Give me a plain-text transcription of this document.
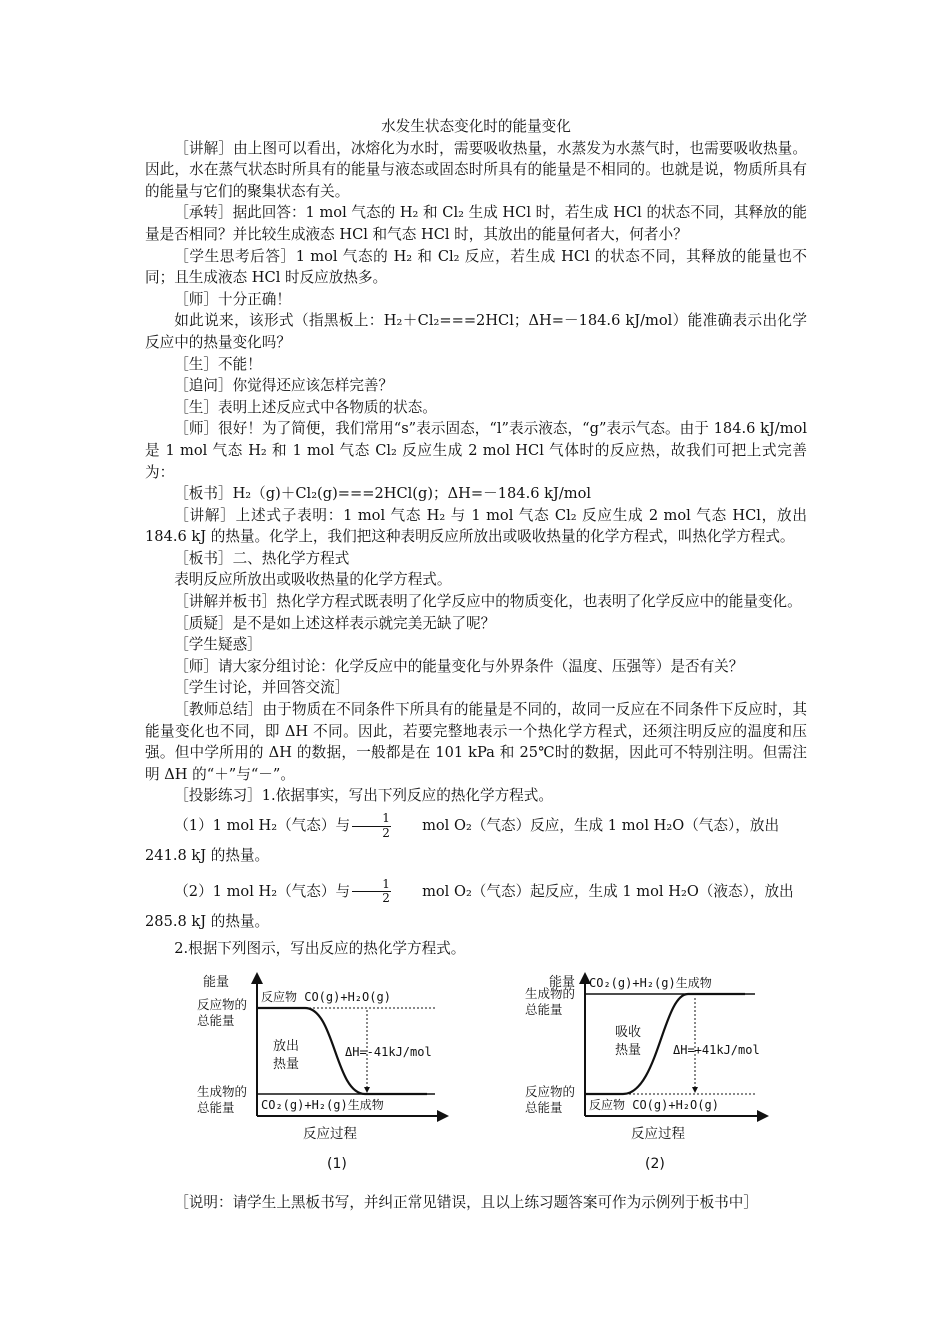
水发生状态变化时的能量变化

［讲解］由上图可以看出，冰熔化为水时，需要吸收热量，水蒸发为水蒸气时，也需要吸收热量。因此，水在蒸气状态时所具有的能量与液态或固态时所具有的能量是不相同的。也就是说，物质所具有的能量与它们的聚集状态有关。

［承转］据此回答：1 mol 气态的 H₂ 和 Cl₂ 生成 HCl 时，若生成 HCl 的状态不同，其释放的能量是否相同？并比较生成液态 HCl 和气态 HCl 时，其放出的能量何者大，何者小？

［学生思考后答］1 mol 气态的 H₂ 和 Cl₂ 反应，若生成 HCl 的状态不同，其释放的能量也不同；且生成液态 HCl 时反应放热多。

［师］十分正确！

如此说来，该形式（指黑板上：H₂＋Cl₂===2HCl；ΔH=－184.6 kJ/mol）能准确表示出化学反应中的热量变化吗？

［生］不能！

［追问］你觉得还应该怎样完善？

［生］表明上述反应式中各物质的状态。

［师］很好！为了简便，我们常用“s”表示固态，“l”表示液态，“g”表示气态。由于 184.6 kJ/mol 是 1 mol 气态 H₂ 和 1 mol 气态 Cl₂ 反应生成 2 mol HCl 气体时的反应热，故我们可把上式完善为：

［板书］H₂（g)＋Cl₂(g)===2HCl(g)；ΔH=－184.6 kJ/mol

［讲解］上述式子表明：1 mol 气态 H₂ 与 1 mol 气态 Cl₂ 反应生成 2 mol 气态 HCl，放出 184.6 kJ 的热量。化学上，我们把这种表明反应所放出或吸收热量的化学方程式，叫热化学方程式。

［板书］二、热化学方程式

表明反应所放出或吸收热量的化学方程式。

［讲解并板书］热化学方程式既表明了化学反应中的物质变化，也表明了化学反应中的能量变化。

［质疑］是不是如上述这样表示就完美无缺了呢？

［学生疑惑］

［师］请大家分组讨论：化学反应中的能量变化与外界条件（温度、压强等）是否有关？

［学生讨论，并回答交流］

［教师总结］由于物质在不同条件下所具有的能量是不同的，故同一反应在不同条件下反应时，其能量变化也不同，即 ΔH 不同。因此，若要完整地表示一个热化学方程式，还须注明反应的温度和压强。但中学所用的 ΔH 的数据，一般都是在 101 kPa 和 25℃时的数据，因此可不特别注明。但需注明 ΔH 的“＋”与“－”。

［投影练习］1.依据事实，写出下列反应的热化学方程式。

（1）1 mol H₂（气态）与 $\frac{1}{2}$	mol O₂（气态）反应，生成 1 mol H₂O（气态），放出

241.8 kJ 的热量。

（2）1 mol H₂（气态）与 $\frac{1}{2}$	mol O₂（气态）起反应，生成 1 mol H₂O（液态），放出

285.8 kJ 的热量。

2.根据下列图示，写出反应的热化学方程式。

能量
反应物的总能量
生成物的总能量
反应物 CO(g)+H₂O(g)
CO₂(g)+H₂(g)生成物
放出热量
ΔH=-41kJ/mol
反应过程
(1)
能量
生成物的总能量
反应物的总能量
CO₂(g)+H₂(g)生成物
反应物 CO(g)+H₂O(g)
吸收热量	ΔH=+41kJ/mol
反应过程
(2)

［说明：请学生上黑板书写，并纠正常见错误，且以上练习题答案可作为示例列于板书中］
